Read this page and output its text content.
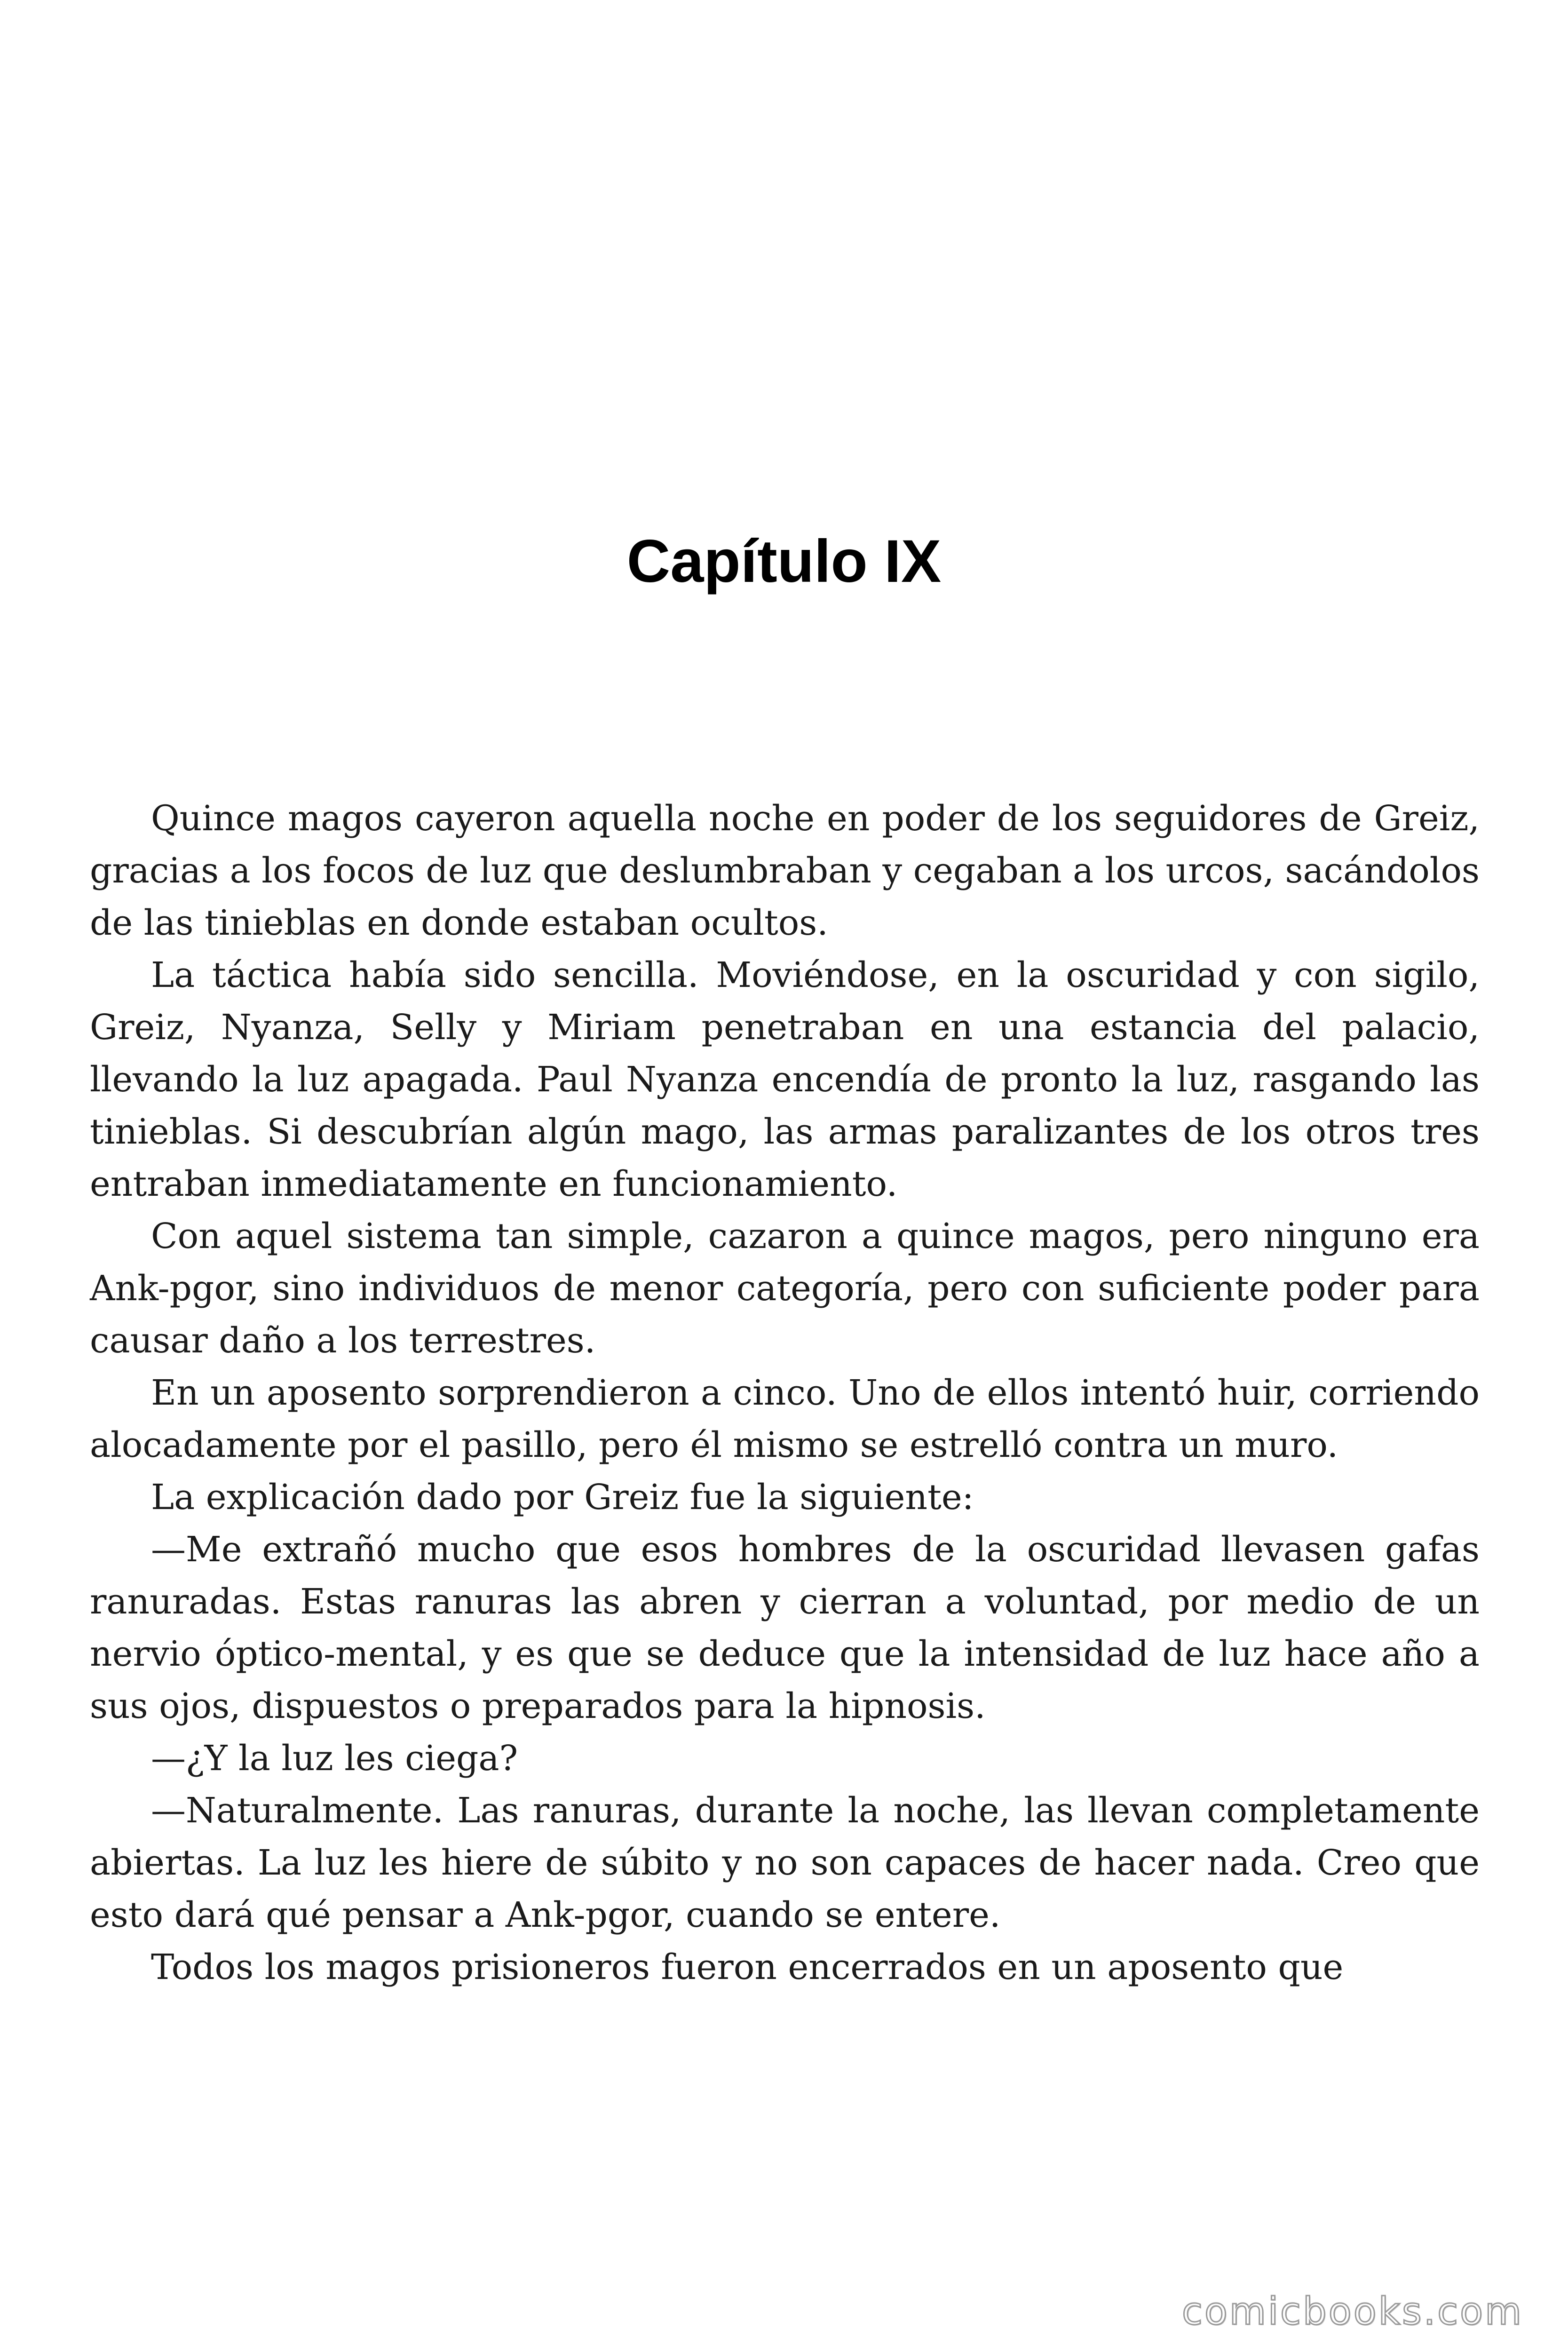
Capítulo IX

Quince magos cayeron aquella noche en poder de los seguidores de Greiz, gracias a los focos de luz que deslumbraban y cegaban a los urcos, sacándolos de las tinieblas en donde estaban ocultos.

La táctica había sido sencilla. Moviéndose, en la oscuridad y con sigilo, Greiz, Nyanza, Selly y Miriam penetraban en una estancia del palacio, llevando la luz apagada. Paul Nyanza encendía de pronto la luz, rasgando las tinieblas. Si descubrían algún mago, las armas paralizantes de los otros tres entraban inmediatamente en funcionamiento.

Con aquel sistema tan simple, cazaron a quince magos, pero ninguno era Ank-pgor, sino individuos de menor categoría, pero con suficiente poder para causar daño a los terrestres.

En un aposento sorprendieron a cinco. Uno de ellos intentó huir, corriendo alocadamente por el pasillo, pero él mismo se estrelló contra un muro.

La explicación dado por Greiz fue la siguiente:

—Me extrañó mucho que esos hombres de la oscuridad llevasen gafas ranuradas. Estas ranuras las abren y cierran a voluntad, por medio de un nervio óptico-mental, y es que se deduce que la intensidad de luz hace año a sus ojos, dispuestos o preparados para la hipnosis.

—¿Y la luz les ciega?

—Naturalmente. Las ranuras, durante la noche, las llevan completamente abiertas. La luz les hiere de súbito y no son capaces de hacer nada. Creo que esto dará qué pensar a Ank-pgor, cuando se entere.

Todos los magos prisioneros fueron encerrados en un aposento que

comicbooks.com
